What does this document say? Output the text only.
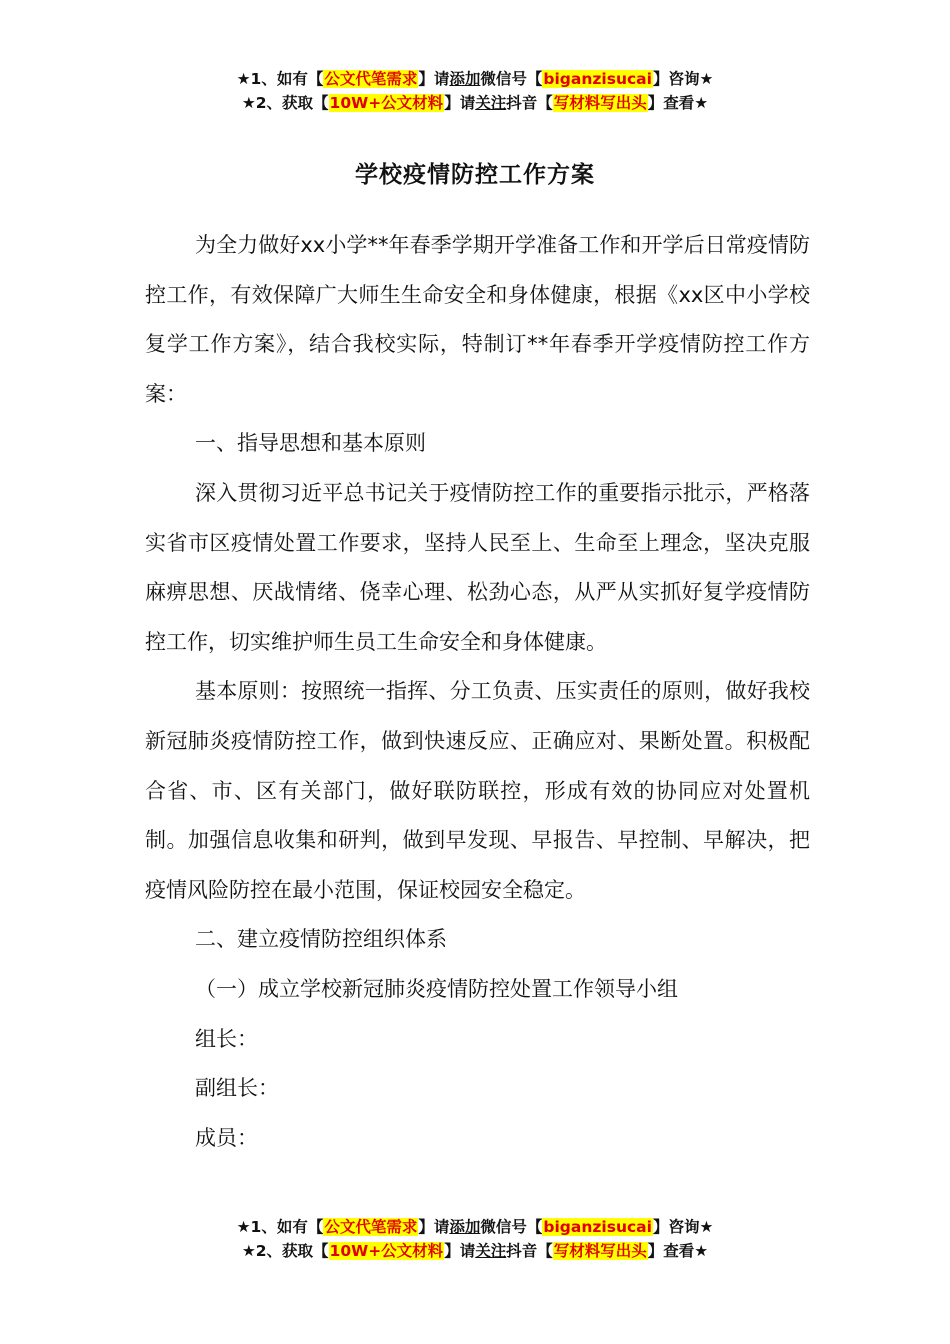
★1、如有【公文代笔需求】请添加微信号【biganzisucai】咨询★
★2、获取【10W+公文材料】请关注抖音【写材料写出头】查看★
学校疫情防控工作方案

为全力做好xx小学**年春季学期开学准备工作和开学后日常疫情防控工作，有效保障广大师生生命安全和身体健康，根据《xx区中小学校复学工作方案》，结合我校实际，特制订**年春季开学疫情防控工作方案：

一、指导思想和基本原则

深入贯彻习近平总书记关于疫情防控工作的重要指示批示，严格落实省市区疫情处置工作要求，坚持人民至上、生命至上理念，坚决克服麻痹思想、厌战情绪、侥幸心理、松劲心态，从严从实抓好复学疫情防控工作，切实维护师生员工生命安全和身体健康。

基本原则：按照统一指挥、分工负责、压实责任的原则，做好我校新冠肺炎疫情防控工作，做到快速反应、正确应对、果断处置。积极配合省、市、区有关部门，做好联防联控，形成有效的协同应对处置机制。加强信息收集和研判，做到早发现、早报告、早控制、早解决，把疫情风险防控在最小范围，保证校园安全稳定。

二、建立疫情防控组织体系

（一）成立学校新冠肺炎疫情防控处置工作领导小组

组长：

副组长：

成员：

★1、如有【公文代笔需求】请添加微信号【biganzisucai】咨询★
★2、获取【10W+公文材料】请关注抖音【写材料写出头】查看★
